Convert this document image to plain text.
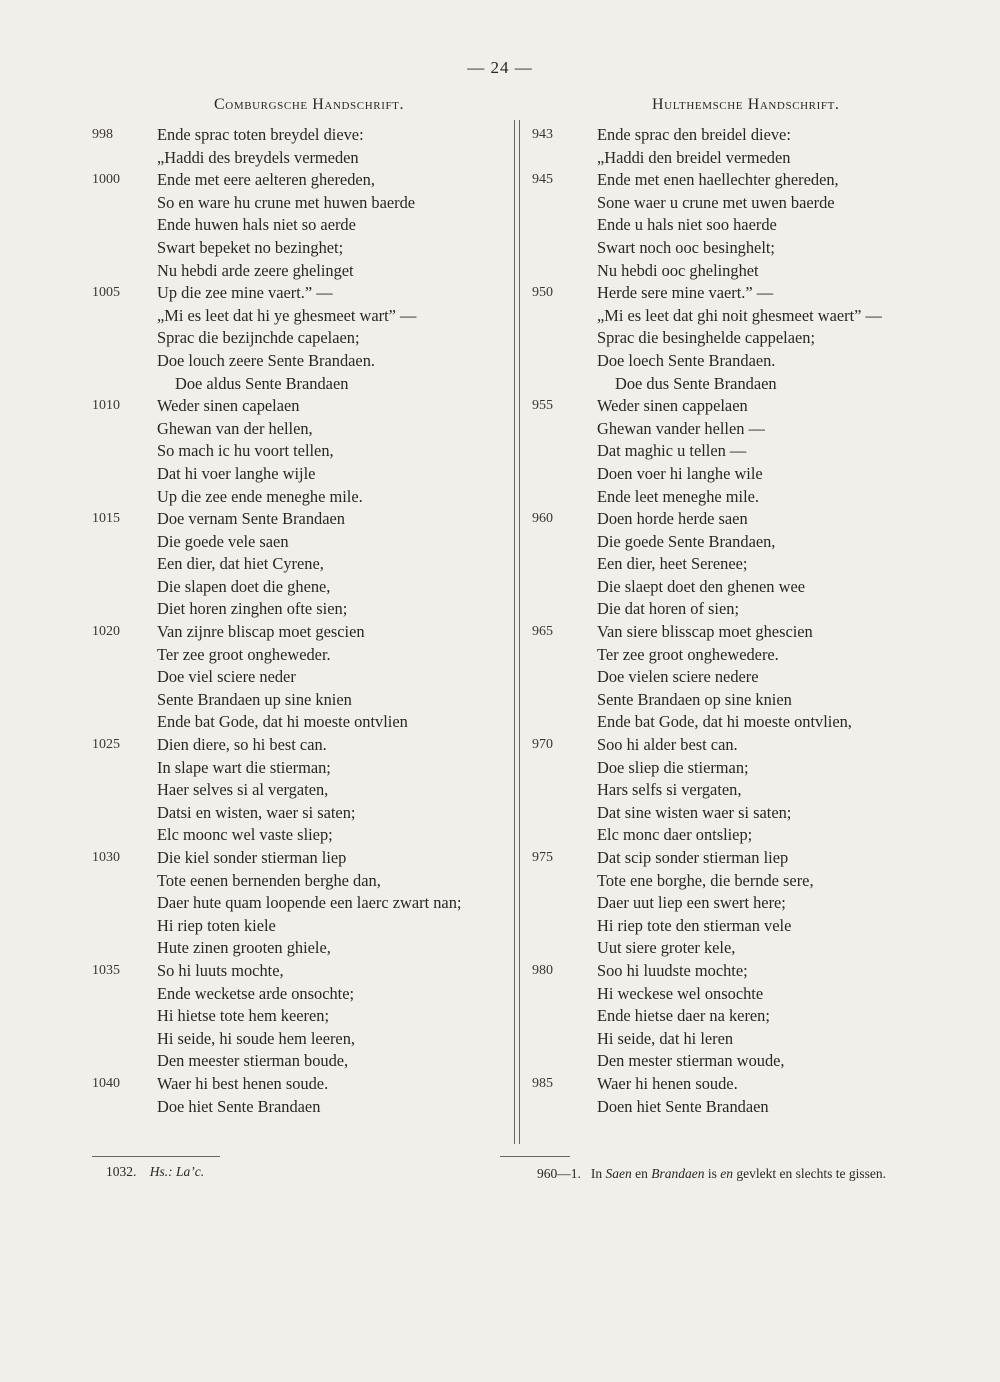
— 24 —
Comburgsche Handschrift.	Hulthemsche Handschrift.
998	Ende sprac toten breydel dieve:
„Haddi des breydels vermeden
1000	Ende met eere aelteren ghereden,
So en ware hu crune met huwen baerde
Ende huwen hals niet so aerde
Swart bepeket no bezinghet;
Nu hebdi arde zeere ghelinget
1005	Up die zee mine vaert.” —
„Mi es leet dat hi ye ghesmeet wart” —
Sprac die bezijnchde capelaen;
Doe louch zeere Sente Brandaen.
Doe aldus Sente Brandaen
1010	Weder sinen capelaen
Ghewan van der hellen,
So mach ic hu voort tellen,
Dat hi voer langhe wijle
Up die zee ende meneghe mile.
1015	Doe vernam Sente Brandaen
Die goede vele saen
Een dier, dat hiet Cyrene,
Die slapen doet die ghene,
Diet horen zinghen ofte sien;
1020	Van zijnre bliscap moet gescien
Ter zee groot ongheweder.
Doe viel sciere neder
Sente Brandaen up sine knien
Ende bat Gode, dat hi moeste ontvlien
1025	Dien diere, so hi best can.
In slape wart die stierman;
Haer selves si al vergaten,
Datsi en wisten, waer si saten;
Elc moonc wel vaste sliep;
1030	Die kiel sonder stierman liep
Tote eenen bernenden berghe dan,
Daer hute quam loopende een laerc zwart nan;
Hi riep toten kiele
Hute zinen grooten ghiele,
1035	So hi luuts mochte,
Ende wecketse arde onsochte;
Hi hietse tote hem keeren;
Hi seide, hi soude hem leeren,
Den meester stierman boude,
1040	Waer hi best henen soude.
Doe hiet Sente Brandaen
943	Ende sprac den breidel dieve:
„Haddi den breidel vermeden
945	Ende met enen haellechter ghereden,
Sone waer u crune met uwen baerde
Ende u hals niet soo haerde
Swart noch ooc besinghelt;
Nu hebdi ooc ghelinghet
950	Herde sere mine vaert.” —
„Mi es leet dat ghi noit ghesmeet waert” —
Sprac die besinghelde cappelaen;
Doe loech Sente Brandaen.
Doe dus Sente Brandaen
955	Weder sinen cappelaen
Ghewan vander hellen —
Dat maghic u tellen —
Doen voer hi langhe wile
Ende leet meneghe mile.
960	Doen horde herde saen
Die goede Sente Brandaen,
Een dier, heet Serenee;
Die slaept doet den ghenen wee
Die dat horen of sien;
965	Van siere blisscap moet ghescien
Ter zee groot onghewedere.
Doe vielen sciere nedere
Sente Brandaen op sine knien
Ende bat Gode, dat hi moeste ontvlien,
970	Soo hi alder best can.
Doe sliep die stierman;
Hars selfs si vergaten,
Dat sine wisten waer si saten;
Elc monc daer ontsliep;
975	Dat scip sonder stierman liep
Tote ene borghe, die bernde sere,
Daer uut liep een swert here;
Hi riep tote den stierman vele
Uut siere groter kele,
980	Soo hi luudste mochte;
Hi weckese wel onsochte
Ende hietse daer na keren;
Hi seide, dat hi leren
Den mester stierman woude,
985	Waer hi henen soude.
Doen hiet Sente Brandaen
1032. Hs.: La’c.	960—1. In Saen en Brandaen is en gevlekt en slechts te gissen.
